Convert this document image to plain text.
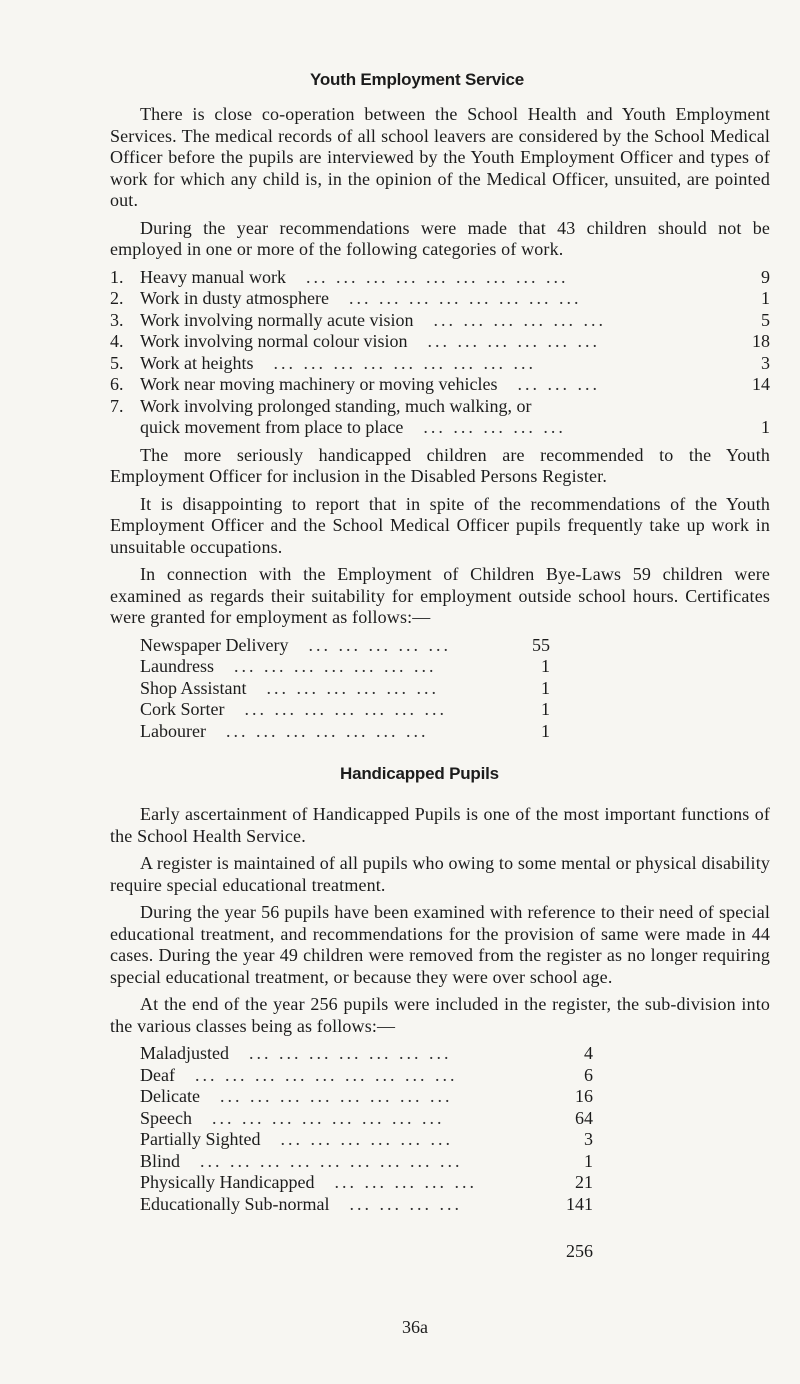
Youth Employment Service

There is close co-operation between the School Health and Youth Employment Services. The medical records of all school leavers are considered by the School Medical Officer before the pupils are interviewed by the Youth Employment Officer and types of work for which any child is, in the opinion of the Medical Officer, unsuited, are pointed out.

During the year recommendations were made that 43 children should not be employed in one or more of the following categories of work.

1. Heavy manual work	... ... ... ... ... ... ... ... ...	9
2. Work in dusty atmosphere	... ... ... ... ... ... ... ...	1
3. Work involving normally acute vision	... ... ... ... ... ...	5
4. Work involving normal colour vision	... ... ... ... ... ...	18
5. Work at heights	... ... ... ... ... ... ... ... ...	3
6. Work near moving machinery or moving vehicles	... ... ...	14
7. Work involving prolonged standing, much walking, or
quick movement from place to place	... ... ... ... ...	1

The more seriously handicapped children are recommended to the Youth Employment Officer for inclusion in the Disabled Persons Register.

It is disappointing to report that in spite of the recommendations of the Youth Employment Officer and the School Medical Officer pupils frequently take up work in unsuitable occupations.

In connection with the Employment of Children Bye-Laws 59 children were examined as regards their suitability for employment outside school hours. Certificates were granted for employment as follows:—

Newspaper Delivery	... ... ... ... ...	55
Laundress	... ... ... ... ... ... ...	1
Shop Assistant	... ... ... ... ... ...	1
Cork Sorter	... ... ... ... ... ... ...	1
Labourer	... ... ... ... ... ... ...	1
Handicapped Pupils

Early ascertainment of Handicapped Pupils is one of the most important functions of the School Health Service.

A register is maintained of all pupils who owing to some mental or physical disability require special educational treatment.

During the year 56 pupils have been examined with reference to their need of special educational treatment, and recommendations for the provision of same were made in 44 cases. During the year 49 children were removed from the register as no longer requiring special educational treatment, or because they were over school age.

At the end of the year 256 pupils were included in the register, the sub-division into the various classes being as follows:—

Maladjusted	... ... ... ... ... ... ...	4
Deaf	... ... ... ... ... ... ... ... ...	6
Delicate	... ... ... ... ... ... ... ...	16
Speech	... ... ... ... ... ... ... ...	64
Partially Sighted	... ... ... ... ... ...	3
Blind	... ... ... ... ... ... ... ... ...	1
Physically Handicapped	... ... ... ... ...	21
Educationally Sub-normal	... ... ... ...	141
256
36a
